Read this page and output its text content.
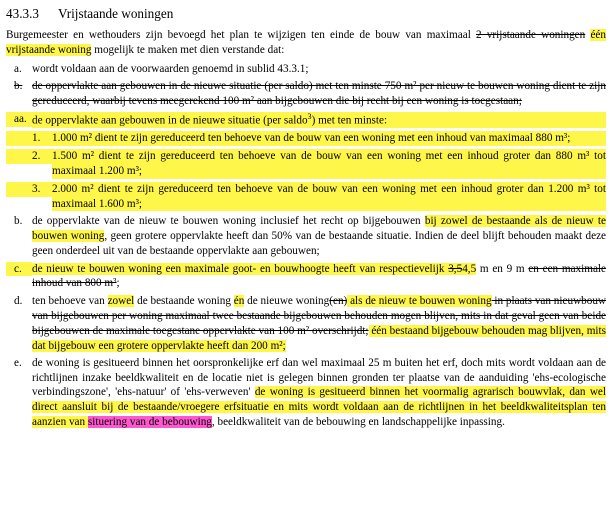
43.3.3 Vrijstaande woningen

Burgemeester en wethouders zijn bevoegd het plan te wijzigen ten einde de bouw van maximaal 2 vrijstaande woningen één vrijstaande woning mogelijk te maken met dien verstande dat:

a. wordt voldaan aan de voorwaarden genoemd in sublid 43.3.1;
b. de oppervlakte aan gebouwen in de nieuwe situatie (per saldo) met ten minste 750 m² per nieuw te bouwen woning dient te zijn gereduceerd, waarbij tevens meegerekend 100 m² aan bijgebouwen die bij recht bij een woning is toegestaan;
aa. de oppervlakte aan gebouwen in de nieuwe situatie (per saldo$^3$) met ten minste:
1.	1.000 m² dient te zijn gereduceerd ten behoeve van de bouw van een woning met een inhoud van maximaal 880 m³;
2.	1.500 m² dient te zijn gereduceerd ten behoeve van de bouw van een woning met een inhoud groter dan 880 m³ tot maximaal 1.200 m³;
3.	2.000 m² dient te zijn gereduceerd ten behoeve van de bouw van een woning met een inhoud groter dan 1.200 m³ tot maximaal 1.600 m³;
b. de oppervlakte van de nieuw te bouwen woning inclusief het recht op bijgebouwen bij zowel de bestaande als de nieuw te bouwen woning, geen grotere oppervlakte heeft dan 50% van de bestaande situatie. Indien de deel blijft behouden maakt deze geen onderdeel uit van de bestaande oppervlakte aan gebouwen;
c. de nieuw te bouwen woning een maximale goot- en bouwhoogte heeft van respectievelijk 3,54,5 m en 9 m en een maximale inhoud van 800 m³;
d. ten behoeve van zowel de bestaande woning én de nieuwe woning(en) als de nieuw te bouwen woning in plaats van nieuwbouw van bijgebouwen per woning maximaal twee bestaande bijgebouwen behouden mogen blijven, mits in dat geval geen van beide bijgebouwen de maximale toegestane oppervlakte van 100 m² overschrijdt; één bestaand bijgebouw behouden mag blijven, mits dat bijgebouw een grotere oppervlakte heeft dan 200 m²;
e. de woning is gesitueerd binnen het oorspronkelijke erf dan wel maximaal 25 m buiten het erf, doch mits wordt voldaan aan de richtlijnen inzake beeldkwaliteit en de locatie niet is gelegen binnen gronden ter plaatse van de aanduiding 'ehs-ecologische verbindingszone', 'ehs-natuur' of 'ehs-verweven' de woning is gesitueerd binnen het voormalig agrarisch bouwvlak, dan wel direct aansluit bij de bestaande/vroegere erfsituatie en mits wordt voldaan aan de richtlijnen in het beeldkwaliteitsplan ten aanzien van situering van de bebouwing, beeldkwaliteit van de bebouwing en landschappelijke inpassing.
